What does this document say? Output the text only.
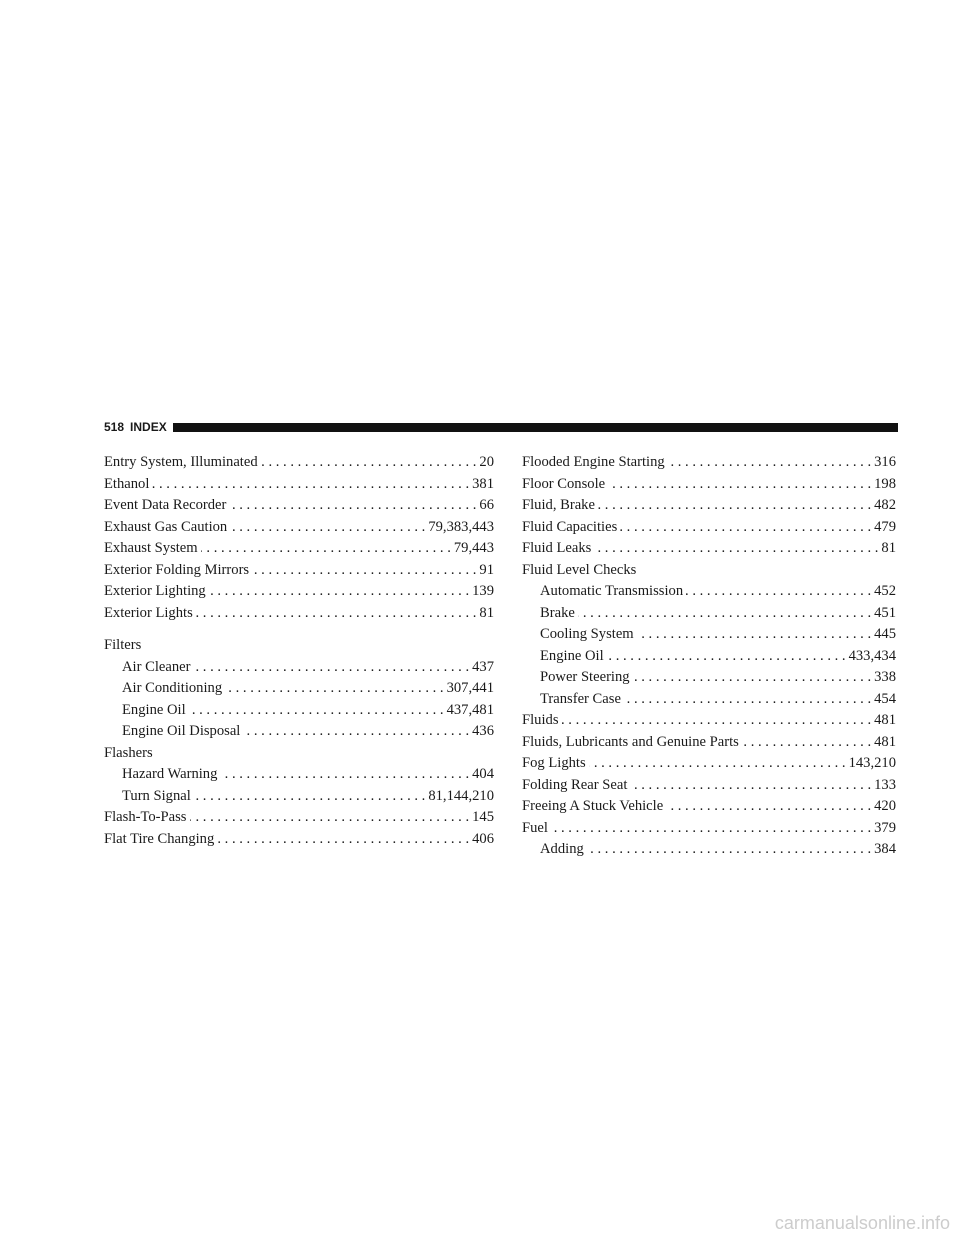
518 INDEX
Entry System, Illuminated . . .	20
Ethanol . . .	381
Event Data Recorder . . .	66
Exhaust Gas Caution . . .	79,383,443
Exhaust System . . .	79,443
Exterior Folding Mirrors . . .	91
Exterior Lighting . . .	139
Exterior Lights . . .	81
Filters
Air Cleaner . . .	437
Air Conditioning . . .	307,441
Engine Oil . . .	437,481
Engine Oil Disposal . . .	436
Flashers
Hazard Warning . . .	404
Turn Signal . . .	81,144,210
Flash-To-Pass . . .	145
Flat Tire Changing . . .	406
Flooded Engine Starting . . .	316
Floor Console . . .	198
Fluid, Brake . . .	482
Fluid Capacities . . .	479
Fluid Leaks . . .	81
Fluid Level Checks
Automatic Transmission . . .	452
Brake . . .	451
Cooling System . . .	445
Engine Oil . . .	433,434
Power Steering . . .	338
Transfer Case . . .	454
Fluids . . .	481
Fluids, Lubricants and Genuine Parts . . .	481
Fog Lights . . .	143,210
Folding Rear Seat . . .	133
Freeing A Stuck Vehicle . . .	420
Fuel . . .	379
Adding . . .	384
carmanualsonline.info
